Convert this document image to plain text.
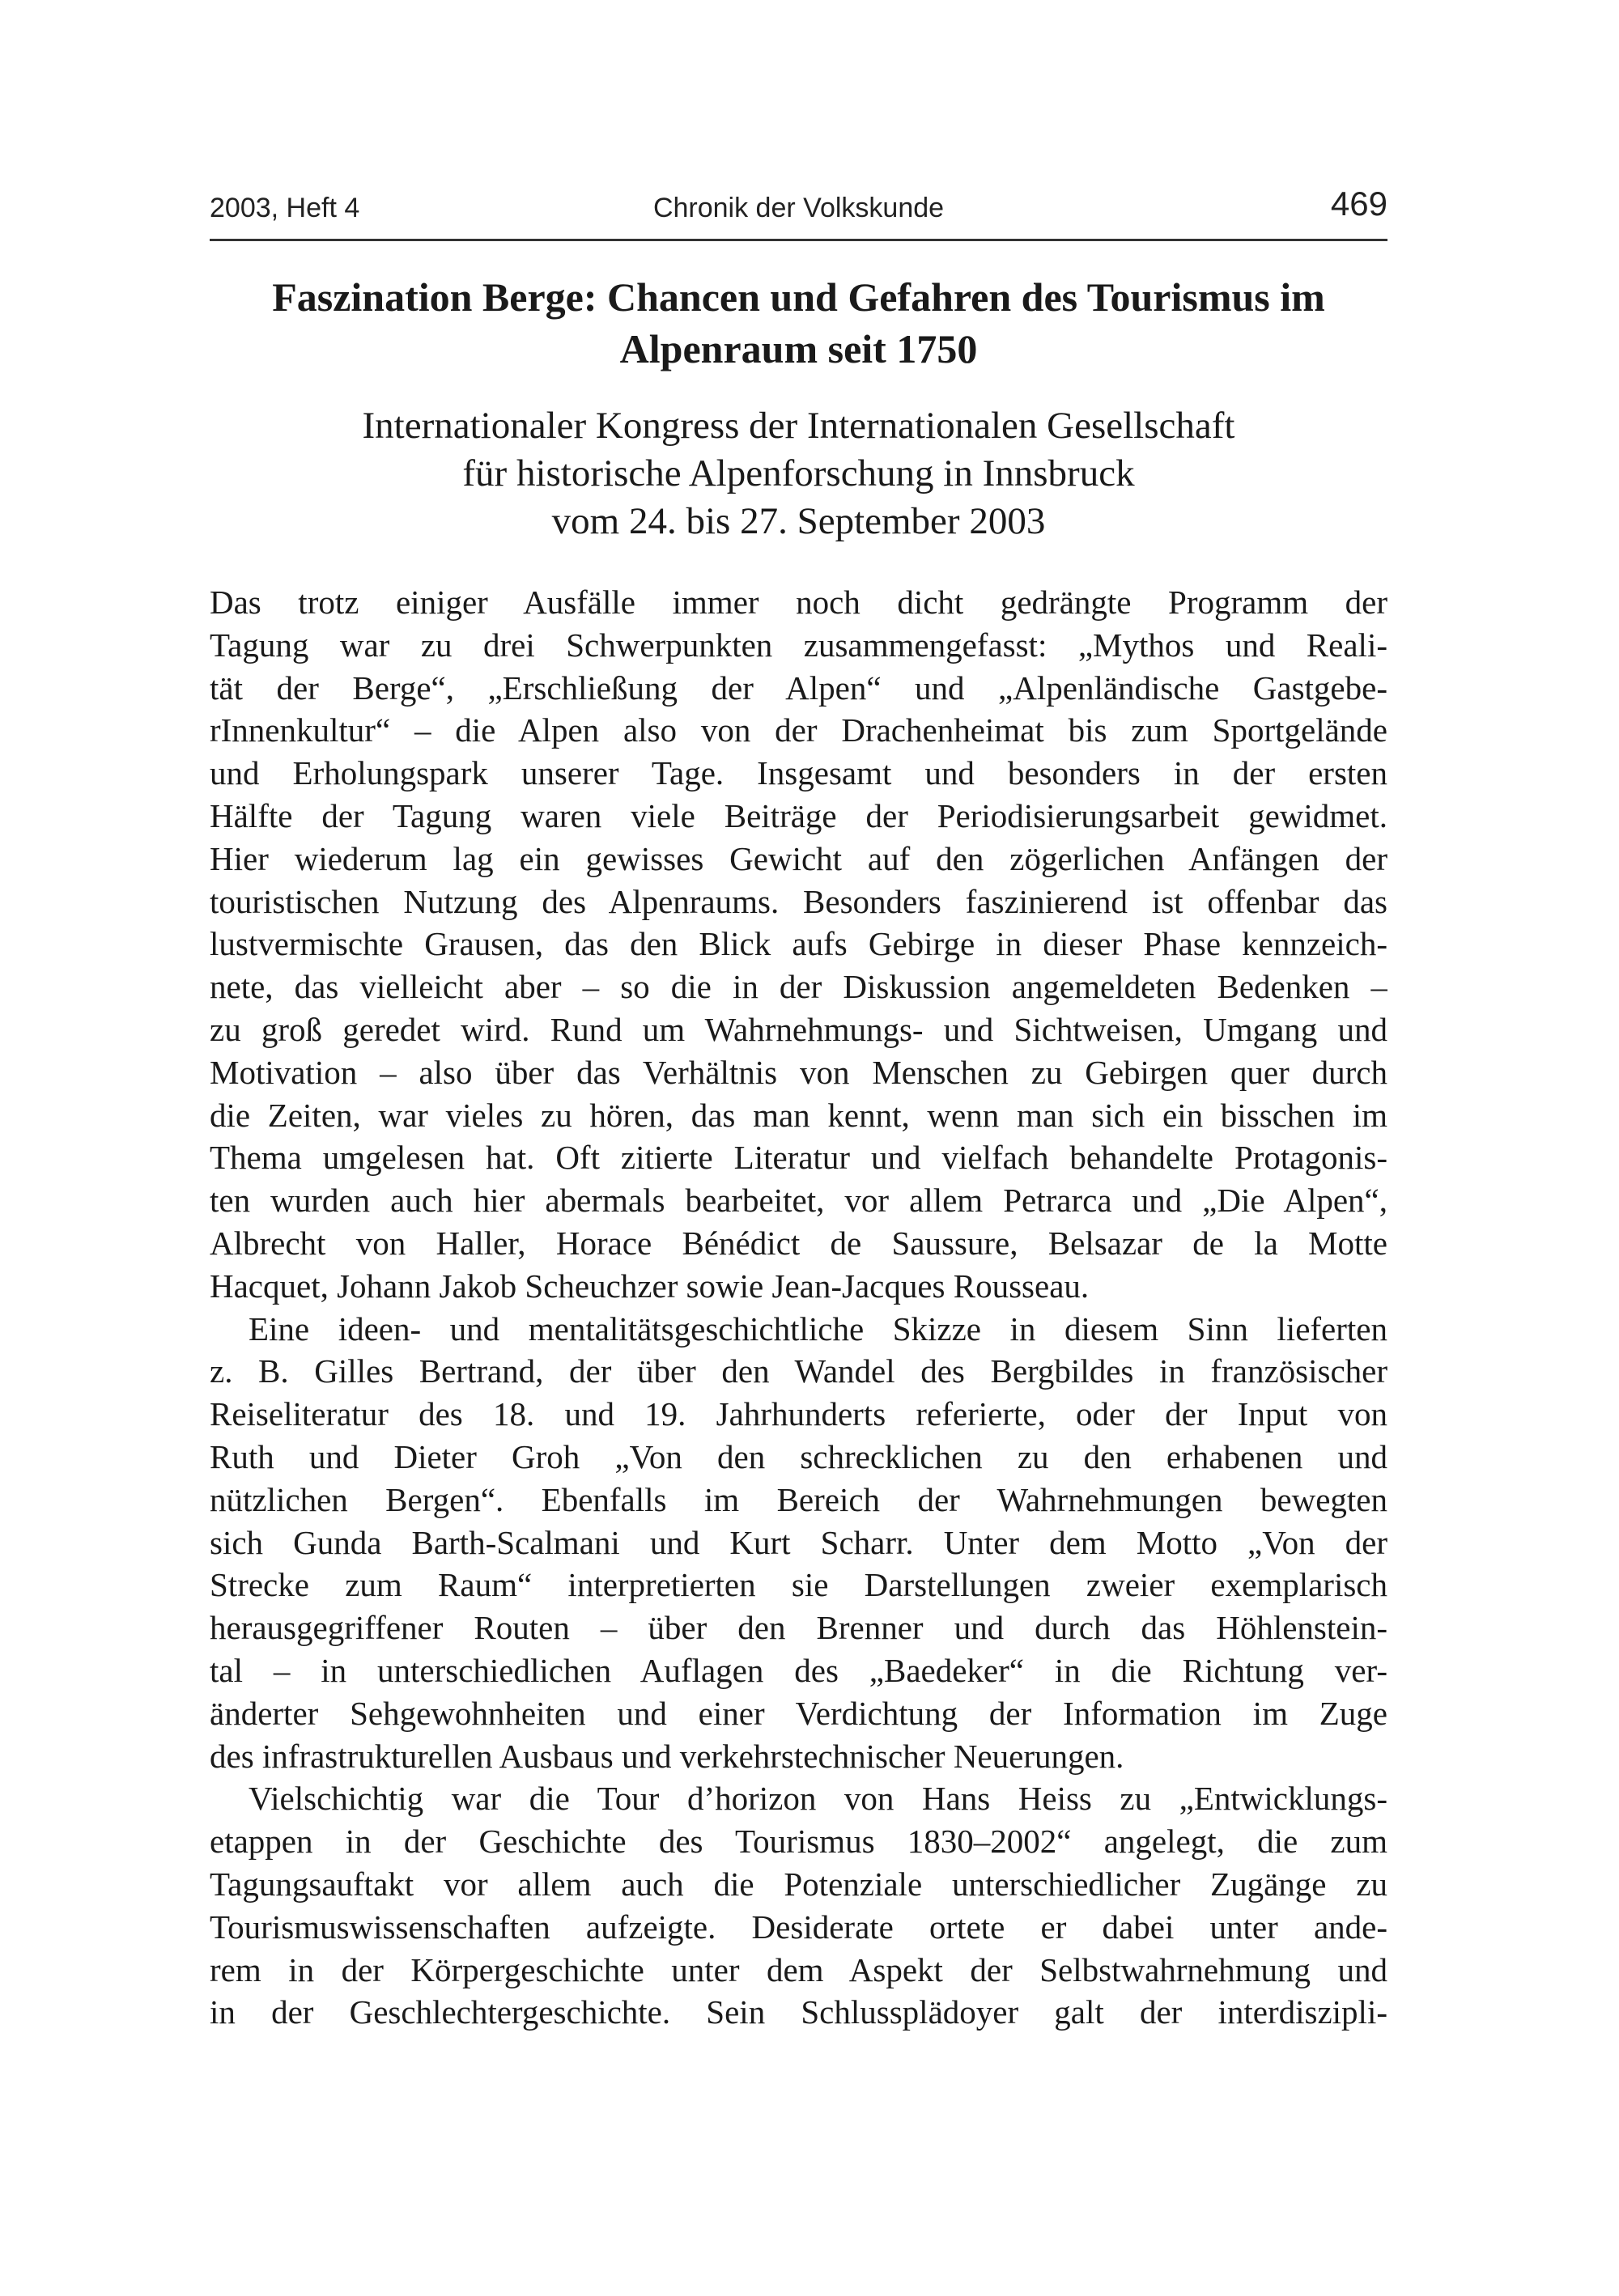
2003, Heft 4	Chronik der Volkskunde	469
Faszination Berge: Chancen und Gefahren des Tourismus im
Alpenraum seit 1750
Internationaler Kongress der Internationalen Gesellschaft
für historische Alpenforschung in Innsbruck
vom 24. bis 27. September 2003
Das trotz einiger Ausfälle immer noch dicht gedrängte Programm der
Tagung war zu drei Schwerpunkten zusammengefasst: „Mythos und Reali-
tät der Berge“, „Erschließung der Alpen“ und „Alpenländische Gastgebe-
rInnenkultur“ – die Alpen also von der Drachenheimat bis zum Sportgelände
und Erholungspark unserer Tage. Insgesamt und besonders in der ersten
Hälfte der Tagung waren viele Beiträge der Periodisierungsarbeit gewidmet.
Hier wiederum lag ein gewisses Gewicht auf den zögerlichen Anfängen der
touristischen Nutzung des Alpenraums. Besonders faszinierend ist offenbar das
lustvermischte Grausen, das den Blick aufs Gebirge in dieser Phase kennzeich-
nete, das vielleicht aber – so die in der Diskussion angemeldeten Bedenken –
zu groß geredet wird. Rund um Wahrnehmungs- und Sichtweisen, Umgang und
Motivation – also über das Verhältnis von Menschen zu Gebirgen quer durch
die Zeiten, war vieles zu hören, das man kennt, wenn man sich ein bisschen im
Thema umgelesen hat. Oft zitierte Literatur und vielfach behandelte Protagonis-
ten wurden auch hier abermals bearbeitet, vor allem Petrarca und „Die Alpen“,
Albrecht von Haller, Horace Bénédict de Saussure, Belsazar de la Motte
Hacquet, Johann Jakob Scheuchzer sowie Jean-Jacques Rousseau.
Eine ideen- und mentalitätsgeschichtliche Skizze in diesem Sinn lieferten
z. B. Gilles Bertrand, der über den Wandel des Bergbildes in französischer
Reiseliteratur des 18. und 19. Jahrhunderts referierte, oder der Input von
Ruth und Dieter Groh „Von den schrecklichen zu den erhabenen und
nützlichen Bergen“. Ebenfalls im Bereich der Wahrnehmungen bewegten
sich Gunda Barth-Scalmani und Kurt Scharr. Unter dem Motto „Von der
Strecke zum Raum“ interpretierten sie Darstellungen zweier exemplarisch
herausgegriffener Routen – über den Brenner und durch das Höhlenstein-
tal – in unterschiedlichen Auflagen des „Baedeker“ in die Richtung ver-
änderter Sehgewohnheiten und einer Verdichtung der Information im Zuge
des infrastrukturellen Ausbaus und verkehrstechnischer Neuerungen.
Vielschichtig war die Tour d’horizon von Hans Heiss zu „Entwicklungs-
etappen in der Geschichte des Tourismus 1830–2002“ angelegt, die zum
Tagungsauftakt vor allem auch die Potenziale unterschiedlicher Zugänge zu
Tourismuswissenschaften aufzeigte. Desiderate ortete er dabei unter ande-
rem in der Körpergeschichte unter dem Aspekt der Selbstwahrnehmung und
in der Geschlechtergeschichte. Sein Schlussplädoyer galt der interdiszipli-
